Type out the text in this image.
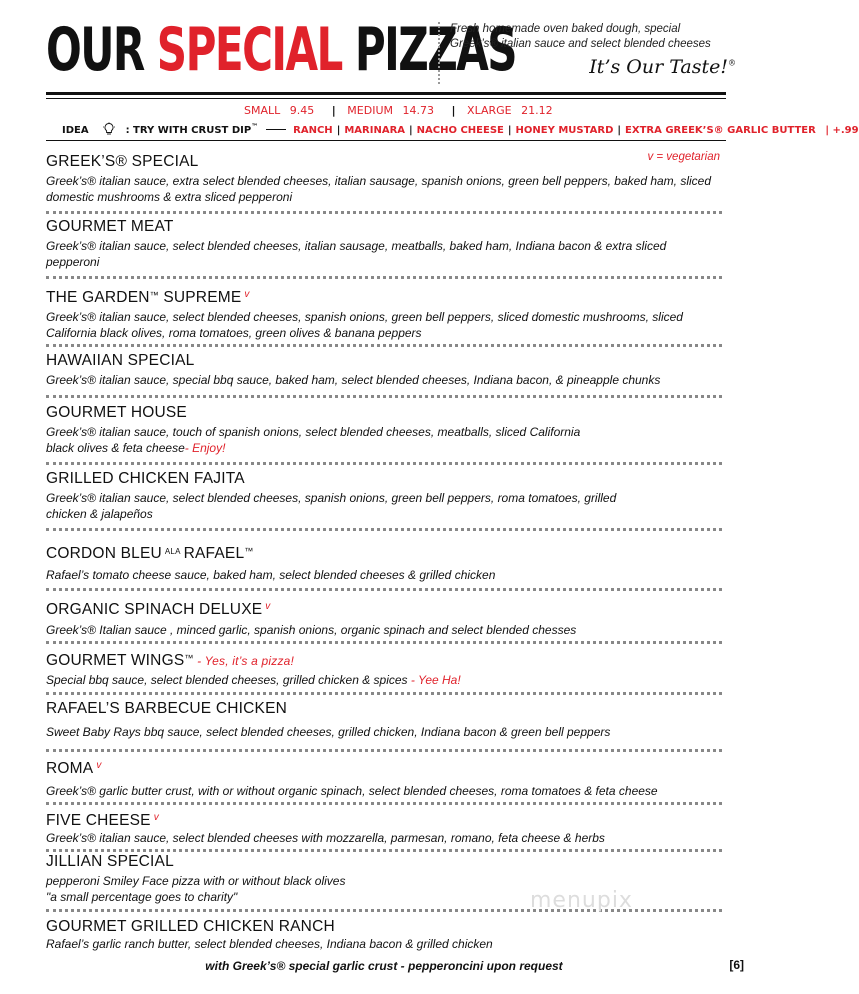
OUR SPECIAL PIZZAS
Fresh homemade oven baked dough, special
Greek’s® italian sauce and select blended cheeses
It’s Our Taste!®
SMALL 9.45 | MEDIUM 14.73 | XLARGE 21.12
IDEA	: TRY WITH CRUST DIP™	RANCH | MARINARA | NACHO CHEESE | HONEY MUSTARD | EXTRA GREEK’S® GARLIC BUTTER | +.99
v = vegetarian
GREEK’S® SPECIAL
Greek’s® italian sauce, extra select blended cheeses, italian sausage, spanish onions, green bell peppers, baked ham, sliced domestic mushrooms & extra sliced pepperoni
GOURMET MEAT
Greek’s® italian sauce, select blended cheeses, italian sausage, meatballs, baked ham, Indiana bacon & extra sliced pepperoni
THE GARDEN™ SUPREME $^v$
Greek’s® italian sauce, select blended cheeses, spanish onions, green bell peppers, sliced domestic mushrooms, sliced California black olives, roma tomatoes, green olives & banana peppers
HAWAIIAN SPECIAL
Greek’s® italian sauce, special bbq sauce, baked ham, select blended cheeses, Indiana bacon, & pineapple chunks
GOURMET HOUSE
Greek’s® italian sauce, touch of spanish onions, select blended cheeses, meatballs, sliced California black olives & feta cheese- Enjoy!
GRILLED CHICKEN FAJITA
Greek’s® italian sauce, select blended cheeses, spanish onions, green bell peppers, roma tomatoes, grilled chicken & jalapeños
CORDON BLEU $^{ALA}$ RAFAEL™
Rafael’s tomato cheese sauce, baked ham, select blended cheeses & grilled chicken
ORGANIC SPINACH DELUXE $^v$
Greek’s® Italian sauce , minced garlic, spanish onions, organic spinach and select blended chesses
GOURMET WINGS™ - Yes, it’s a pizza!
Special bbq sauce, select blended cheeses, grilled chicken & spices - Yee Ha!
RAFAEL’S BARBECUE CHICKEN
Sweet Baby Rays bbq sauce, select blended cheeses, grilled chicken, Indiana bacon & green bell peppers
ROMA $^v$
Greek’s® garlic butter crust, with or without organic spinach, select blended cheeses, roma tomatoes & feta cheese
FIVE CHEESE $^v$
Greek’s® italian sauce, select blended cheeses with mozzarella, parmesan, romano, feta cheese & herbs
JILLIAN SPECIAL
pepperoni Smiley Face pizza with or without black olives
"a small percentage goes to charity"
GOURMET GRILLED CHICKEN RANCH
Rafael’s garlic ranch butter, select blended cheeses, Indiana bacon & grilled chicken
menupix
with Greek’s® special garlic crust - pepperoncini upon request	[6]
